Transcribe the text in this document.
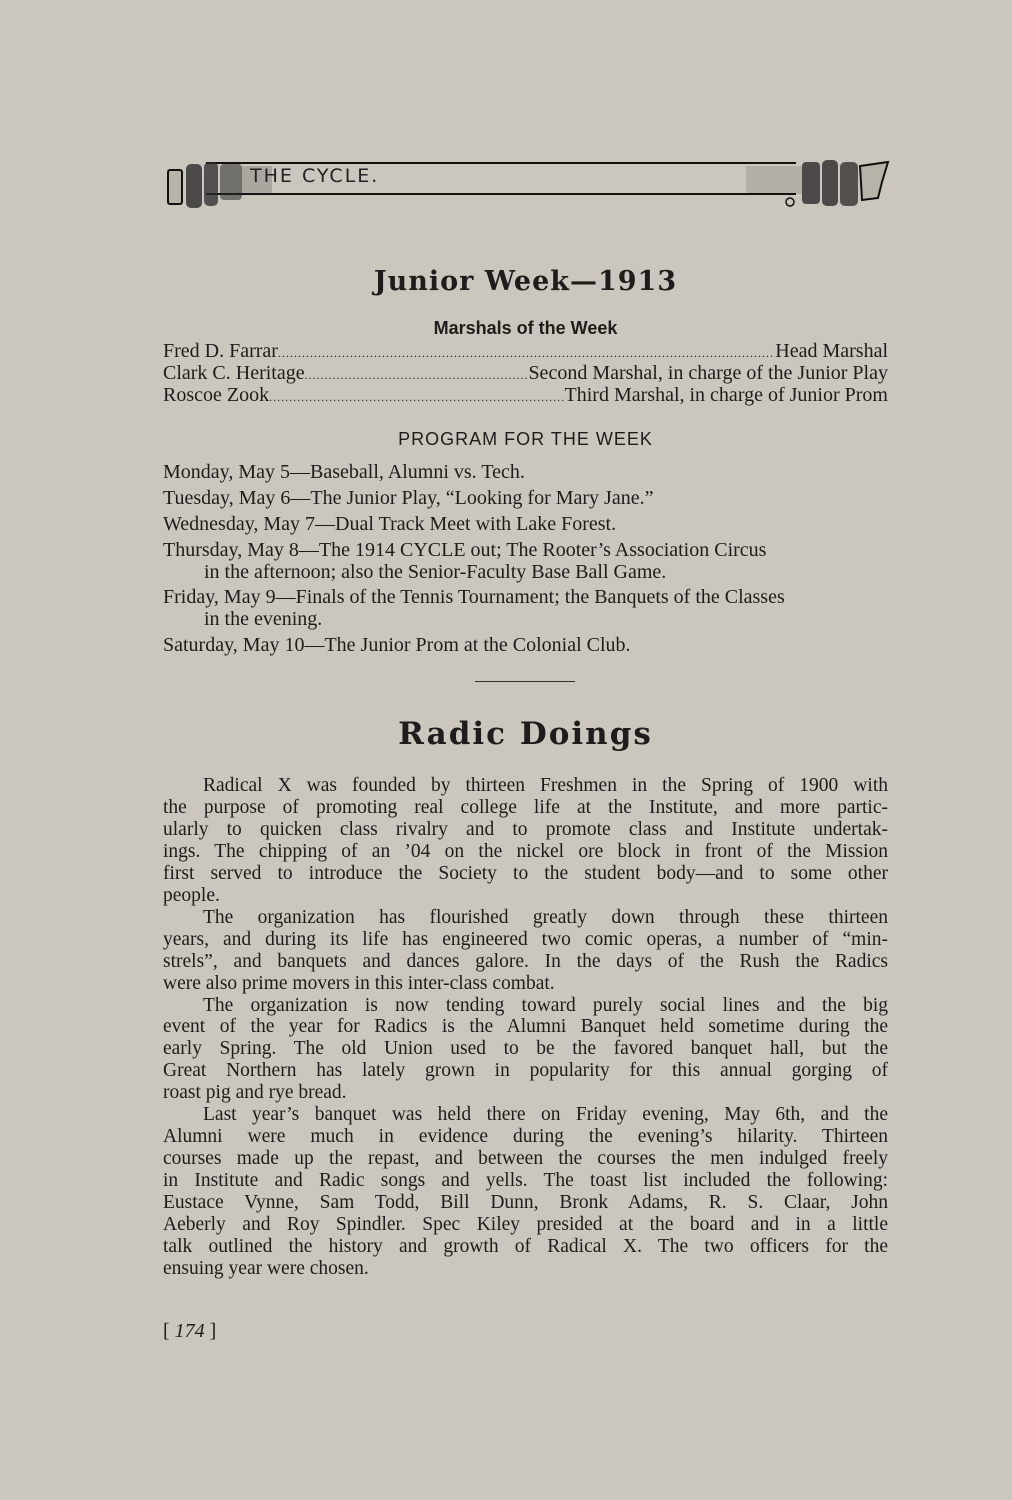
THE CYCLE.
Junior Week—1913
Marshals of the Week
Fred D. Farrar .....	Head Marshal
Clark C. Heritage .....	Second Marshal, in charge of the Junior Play
Roscoe Zook .....	Third Marshal, in charge of Junior Prom
PROGRAM FOR THE WEEK
Monday, May 5—Baseball, Alumni vs. Tech.
Tuesday, May 6—The Junior Play, “Looking for Mary Jane.”
Wednesday, May 7—Dual Track Meet with Lake Forest.
Thursday, May 8—The 1914 CYCLE out; The Rooter’s Association Circus
in the afternoon; also the Senior-Faculty Base Ball Game.
Friday, May 9—Finals of the Tennis Tournament; the Banquets of the Classes
in the evening.
Saturday, May 10—The Junior Prom at the Colonial Club.
Radic Doings
Radical X was founded by thirteen Freshmen in the Spring of 1900 with
the purpose of promoting real college life at the Institute, and more partic-
ularly to quicken class rivalry and to promote class and Institute undertak-
ings. The chipping of an ’04 on the nickel ore block in front of the Mission
first served to introduce the Society to the student body—and to some other
people.
The organization has flourished greatly down through these thirteen
years, and during its life has engineered two comic operas, a number of “min-
strels”, and banquets and dances galore. In the days of the Rush the Radics
were also prime movers in this inter-class combat.
The organization is now tending toward purely social lines and the big
event of the year for Radics is the Alumni Banquet held sometime during the
early Spring. The old Union used to be the favored banquet hall, but the
Great Northern has lately grown in popularity for this annual gorging of
roast pig and rye bread.
Last year’s banquet was held there on Friday evening, May 6th, and the
Alumni were much in evidence during the evening’s hilarity. Thirteen
courses made up the repast, and between the courses the men indulged freely
in Institute and Radic songs and yells. The toast list included the following:
Eustace Vynne, Sam Todd, Bill Dunn, Bronk Adams, R. S. Claar, John
Aeberly and Roy Spindler. Spec Kiley presided at the board and in a little
talk outlined the history and growth of Radical X. The two officers for the
ensuing year were chosen.
[ 174 ]
